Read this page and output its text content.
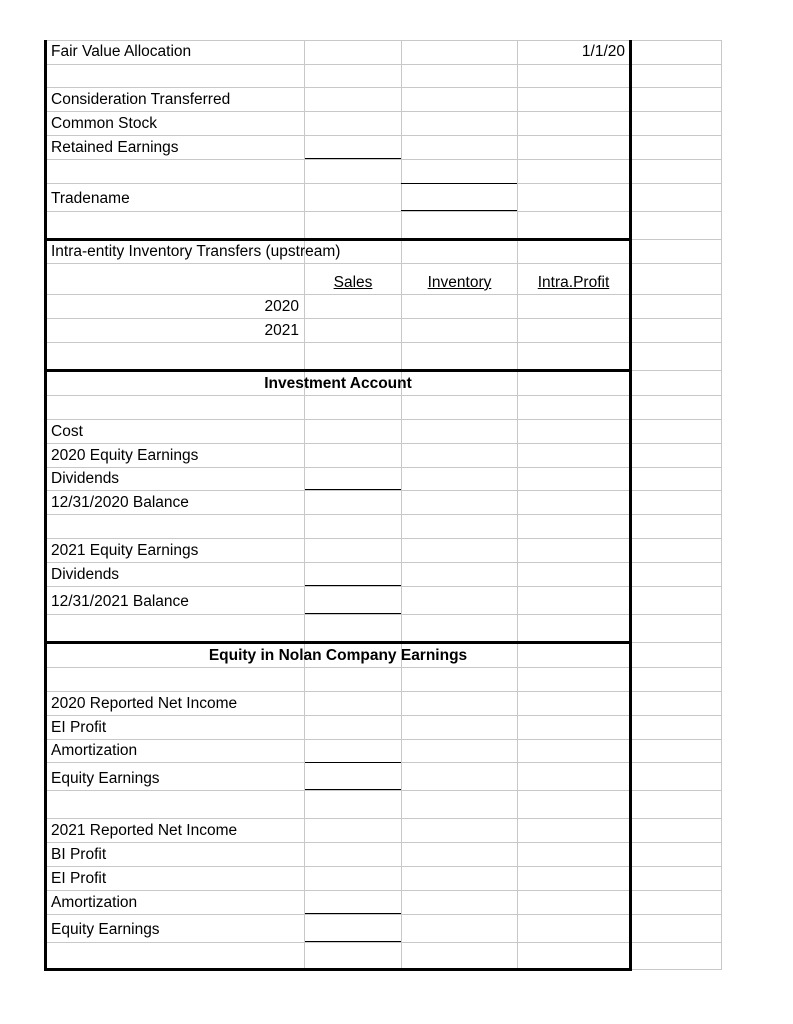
Fair Value Allocation	1/1/20
Consideration Transferred
Common Stock
Retained Earnings
Tradename
Intra-entity Inventory Transfers (upstream)
Sales	Inventory	Intra.Profit
2020
2021
Investment Account
Cost
2020 Equity Earnings
Dividends
12/31/2020 Balance
2021 Equity Earnings
Dividends
12/31/2021 Balance
Equity in Nolan Company Earnings
2020 Reported Net Income
EI Profit
Amortization
Equity Earnings
2021 Reported Net Income
BI Profit
EI Profit
Amortization
Equity Earnings
